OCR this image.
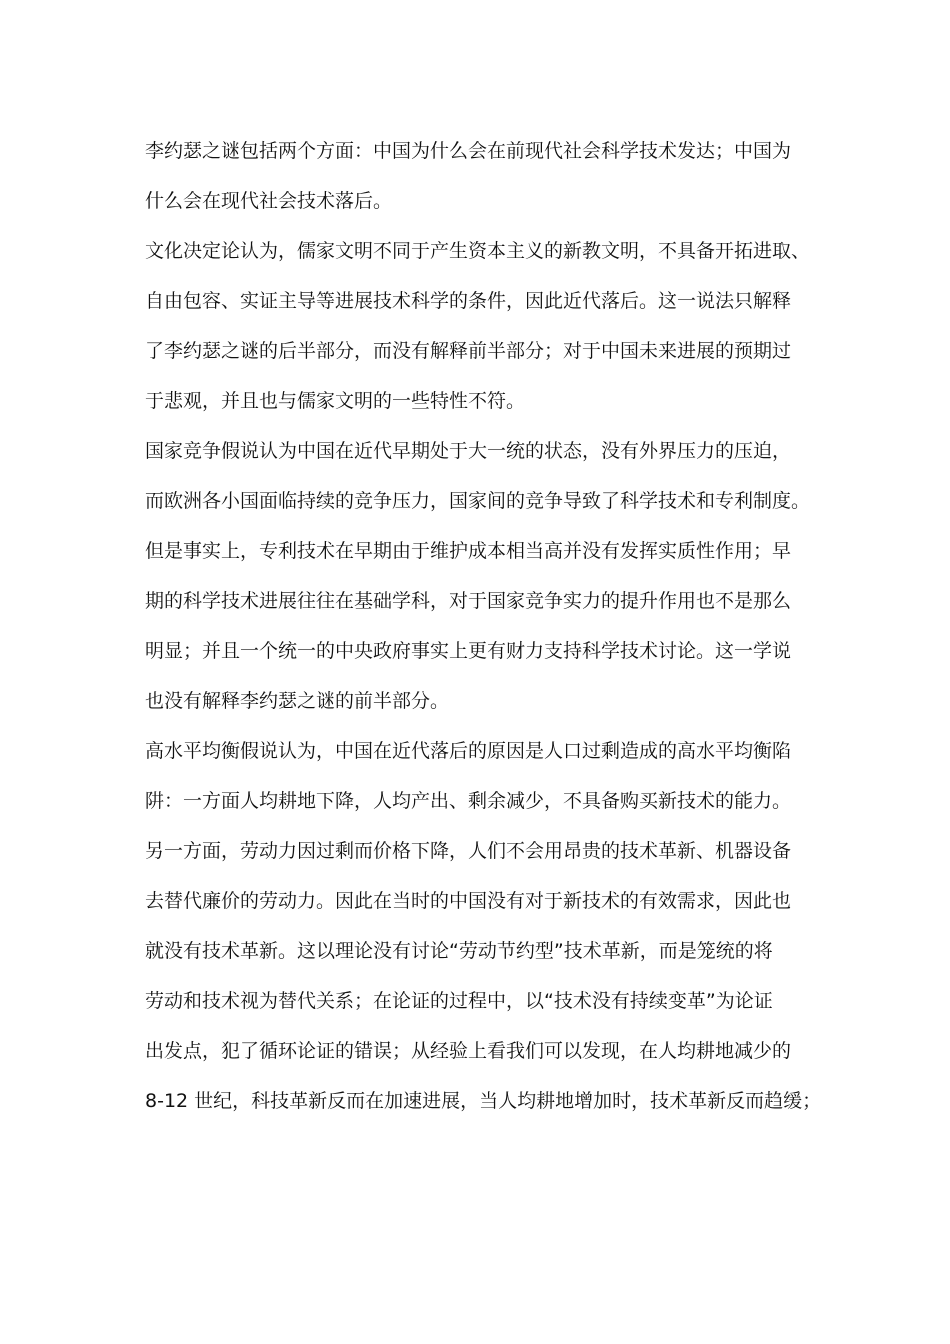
李约瑟之谜包括两个方面：中国为什么会在前现代社会科学技术发达；中国为
什么会在现代社会技术落后。
文化决定论认为，儒家文明不同于产生资本主义的新教文明，不具备开拓进取、
自由包容、实证主导等进展技术科学的条件，因此近代落后。这一说法只解释
了李约瑟之谜的后半部分，而没有解释前半部分；对于中国未来进展的预期过
于悲观，并且也与儒家文明的一些特性不符。
国家竞争假说认为中国在近代早期处于大一统的状态，没有外界压力的压迫，
而欧洲各小国面临持续的竞争压力，国家间的竞争导致了科学技术和专利制度。
但是事实上，专利技术在早期由于维护成本相当高并没有发挥实质性作用；早
期的科学技术进展往往在基础学科，对于国家竞争实力的提升作用也不是那么
明显；并且一个统一的中央政府事实上更有财力支持科学技术讨论。这一学说
也没有解释李约瑟之谜的前半部分。
高水平均衡假说认为，中国在近代落后的原因是人口过剩造成的高水平均衡陷
阱：一方面人均耕地下降，人均产出、剩余减少，不具备购买新技术的能力。
另一方面，劳动力因过剩而价格下降，人们不会用昂贵的技术革新、机器设备
去替代廉价的劳动力。因此在当时的中国没有对于新技术的有效需求，因此也
就没有技术革新。这以理论没有讨论“劳动节约型”技术革新，而是笼统的将
劳动和技术视为替代关系；在论证的过程中，以“技术没有持续变革”为论证
出发点，犯了循环论证的错误；从经验上看我们可以发现，在人均耕地减少的
8-12 世纪，科技革新反而在加速进展，当人均耕地增加时，技术革新反而趋缓；
